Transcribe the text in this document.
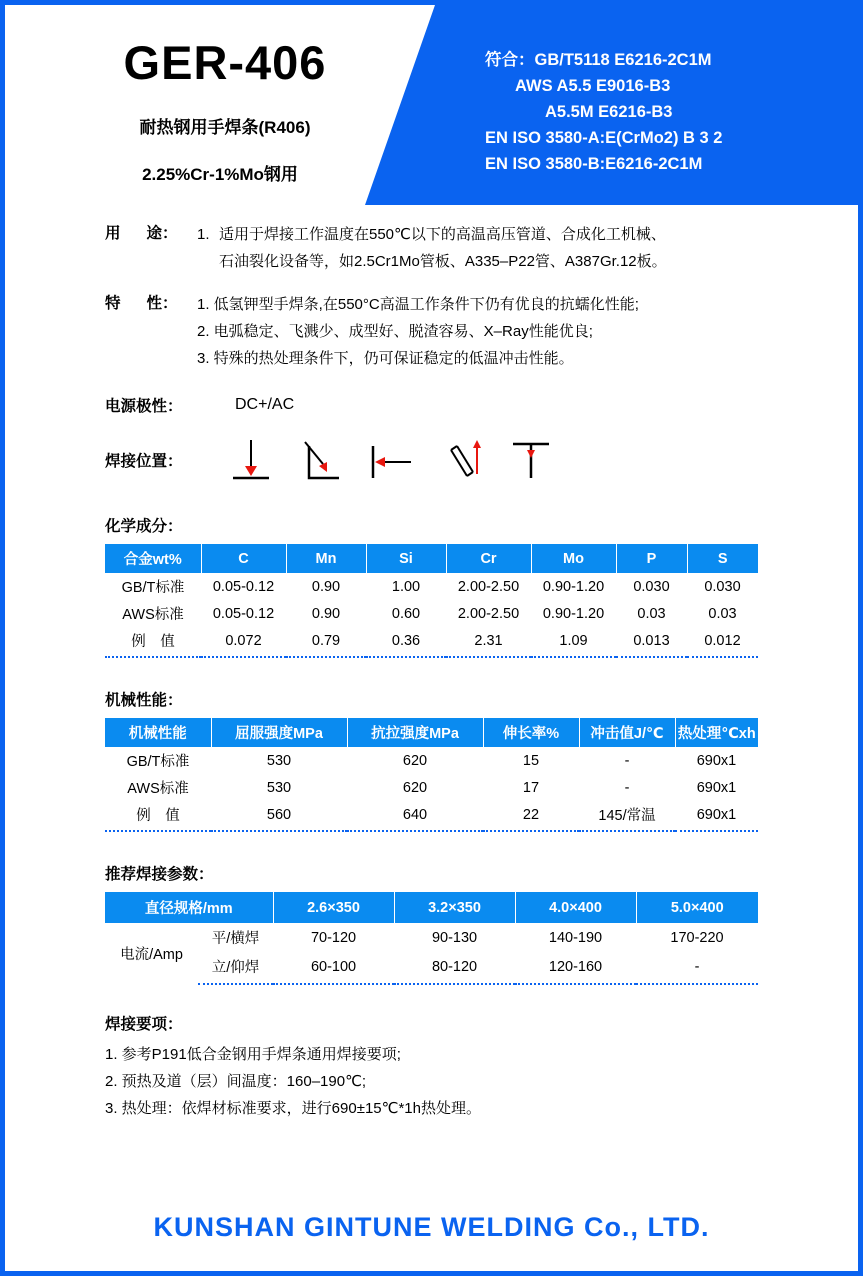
GER-406
耐热钢用手焊条(R406)
2.25%Cr-1%Mo钢用
符合：GB/T5118 E6216-2C1M
AWS A5.5 E9016-B3
A5.5M E6216-B3
EN ISO 3580-A:E(CrMo2) B 3 2
EN ISO 3580-B:E6216-2C1M
用 途：	1. 适用于焊接工作温度在550℃以下的高温高压管道、合成化工机械、
石油裂化设备等，如2.5Cr1Mo管板、A335–P22管、A387Gr.12板。
特 性：	1. 低氢钾型手焊条,在550°C高温工作条件下仍有优良的抗蠕化性能;
2. 电弧稳定、飞溅少、成型好、脱渣容易、X–Ray性能优良;
3. 特殊的热处理条件下，仍可保证稳定的低温冲击性能。
电源极性：	DC+/AC
焊接位置：
化学成分：
合金wt%	C	Mn	Si	Cr	Mo	P	S
GB/T标准	0.05-0.12	0.90	1.00	2.00-2.50	0.90-1.20	0.030	0.030
AWS标准	0.05-0.12	0.90	0.60	2.00-2.50	0.90-1.20	0.03	0.03
例　值	0.072	0.79	0.36	2.31	1.09	0.013	0.012
机械性能：
机械性能	屈服强度MPa	抗拉强度MPa	伸长率%	冲击值J/℃	热处理℃xh
GB/T标准	530	620	15	-	690x1
AWS标准	530	620	17	-	690x1
例　值	560	640	22	145/常温	690x1
推荐焊接参数：
直径规格/mm		2.6×350	3.2×350	4.0×400	5.0×400
电流/Amp	平/横焊	70-120	90-130	140-190	170-220
	立/仰焊	60-100	80-120	120-160	-
焊接要项：
1. 参考P191低合金钢用手焊条通用焊接要项;
2. 预热及道（层）间温度：160–190℃;
3. 热处理：依焊材标准要求，进行690±15℃*1h热处理。
KUNSHAN GINTUNE WELDING Co., LTD.
